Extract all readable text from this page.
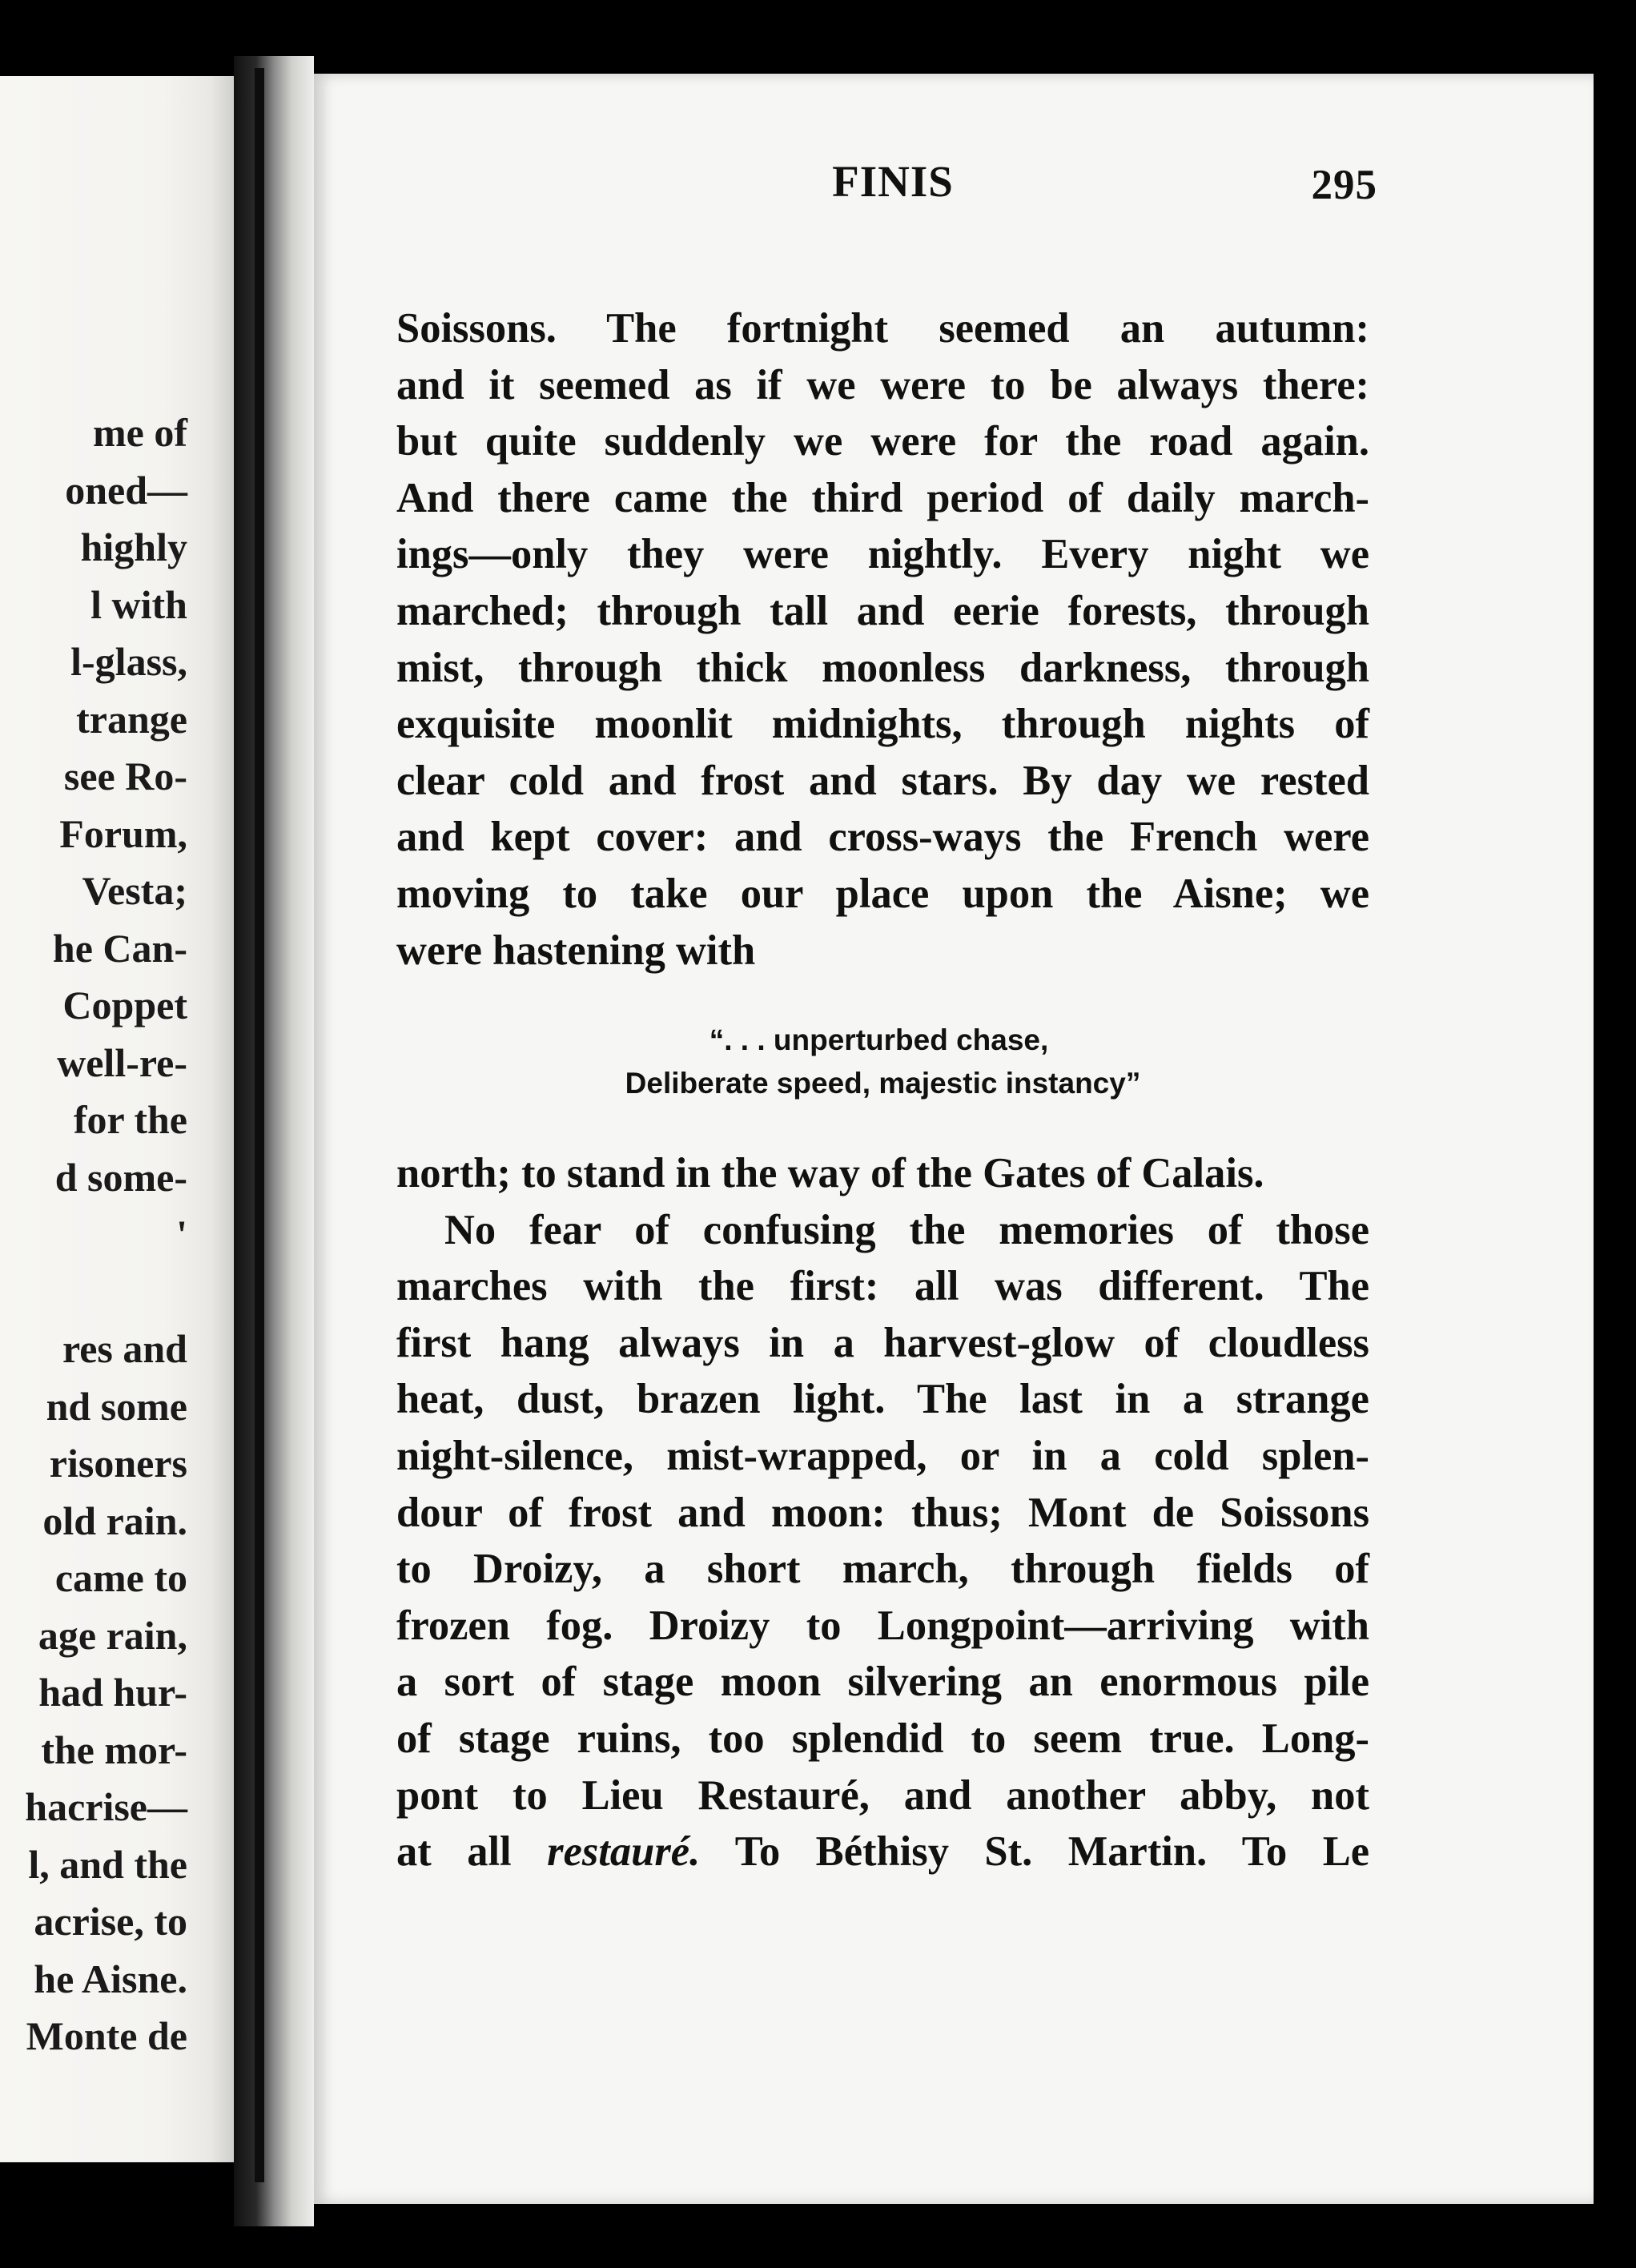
me of
oned—
highly
l with
l-glass,
trange
see Ro-
Forum,
Vesta;
he Can-
Coppet
well-re-
for the
d some-
'
res and
nd some
risoners
old rain.
came to
age rain,
had hur-
the mor-
hacrise—
l, and the
acrise, to
he Aisne.
Monte de
FINIS	295
Soissons. The fortnight seemed an autumn:
and it seemed as if we were to be always there:
but quite suddenly we were for the road again.
And there came the third period of daily march-
ings—only they were nightly. Every night we
marched; through tall and eerie forests, through
mist, through thick moonless darkness, through
exquisite moonlit midnights, through nights of
clear cold and frost and stars. By day we rested
and kept cover: and cross-ways the French were
moving to take our place upon the Aisne; we
were hastening with
“. . . unperturbed chase,
Deliberate speed, majestic instancy”
north; to stand in the way of the Gates of Calais.
No fear of confusing the memories of those
marches with the first: all was different. The
first hang always in a harvest-glow of cloudless
heat, dust, brazen light. The last in a strange
night-silence, mist-wrapped, or in a cold splen-
dour of frost and moon: thus; Mont de Soissons
to Droizy, a short march, through fields of
frozen fog. Droizy to Longpoint—arriving with
a sort of stage moon silvering an enormous pile
of stage ruins, too splendid to seem true. Long-
pont to Lieu Restauré, and another abby, not
at all restauré. To Béthisy St. Martin. To Le
